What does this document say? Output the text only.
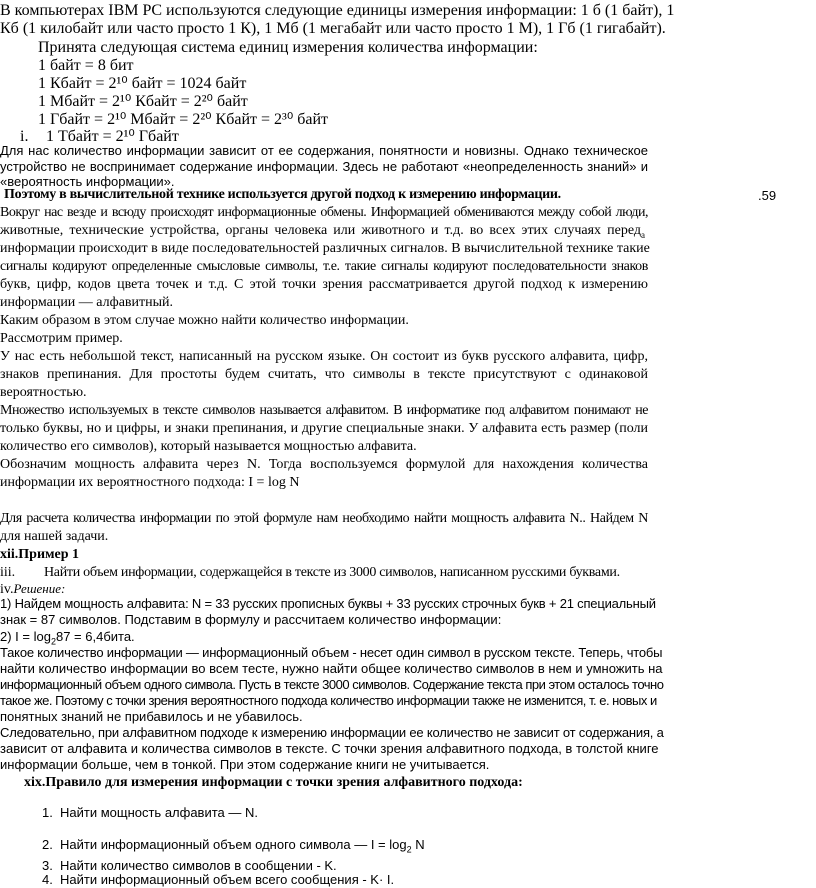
В компьютерах IBM PC используются следующие единицы измерения информации: 1 б (1 байт), 1
Кб (1 килобайт или часто просто 1 К), 1 Мб (1 мегабайт или часто просто 1 М), 1 Гб (1 гигабайт).
Принята следующая система единиц измерения количества информации:
1 байт = 8 бит
1 Кбайт = 2¹⁰ байт = 1024 байт
1 Мбайт = 2¹⁰ Кбайт = 2²⁰ байт
1 Гбайт = 2¹⁰ Мбайт = 2²⁰ Кбайт = 2³⁰ байт
i. 1 Тбайт = 2¹⁰ Гбайт
Для нас количество информации зависит от ее содержания, понятности и новизны. Однако техническое
устройство не воспринимает содержание информации. Здесь не работают «неопределенность знаний» и
«вероятность информации».
Поэтому в вычислительной технике используется другой подход к измерению информации.	.59
Вокруг нас везде и всюду происходят информационные обмены. Информацией обмениваются между собой люди,
животные, технические устройства, органы человека или животного и т.д. во всех этих случаях перед$_а$
информации происходит в виде последовательностей различных сигналов. В вычислительной технике такие
сигналы кодируют определенные смысловые символы, т.е. такие сигналы кодируют последовательности знаков
букв, цифр, кодов цвета точек и т.д. С этой точки зрения рассматривается другой подход к измерению
информации — алфавитный.
Каким образом в этом случае можно найти количество информации.
Рассмотрим пример.
У нас есть небольшой текст, написанный на русском языке. Он состоит из букв русского алфавита, цифр,
знаков препинания. Для простоты будем считать, что символы в тексте присутствуют с одинаковой
вероятностью.
Множество используемых в тексте символов называется алфавитом. В информатике под алфавитом понимают не
только буквы, но и цифры, и знаки препинания, и другие специальные знаки. У алфавита есть размер (поли
количество его символов), который называется мощностью алфавита.
Обозначим мощность алфавита через N. Тогда воспользуемся формулой для нахождения количества
информации их вероятностного подхода: I = log N
Для расчета количества информации по этой формуле нам необходимо найти мощность алфавита N.. Найдем N
для нашей задачи.
xii.Пример 1
iii. Найти объем информации, содержащейся в тексте из 3000 символов, написанном русскими буквами.
iv.Решение:
1) Найдем мощность алфавита: N = 33 русских прописных буквы + 33 русских строчных букв + 21 специальный
знак = 87 символов. Подставим в формулу и рассчитаем количество информации:
2) $I = \log_287$ = 6,4бита.
Такое количество информации — информационный объем - несет один символ в русском тексте. Теперь, чтобы
найти количество информации во всем тесте, нужно найти общее количество символов в нем и умножить на
информационный объем одного символа. Пусть в тексте 3000 символов. Содержание текста при этом осталось точно
такое же. Поэтому с точки зрения вероятностного подхода количество информации также не изменится, т. е. новых и
понятных знаний не прибавилось и не убавилось.
Следовательно, при алфавитном подходе к измерению информации ее количество не зависит от содержания, а
зависит от алфавита и количества символов в тексте. С точки зрения алфавитного подхода, в толстой книге
информации больше, чем в тонкой. При этом содержание книги не учитывается.
xix.Правило для измерения информации с точки зрения алфавитного подхода:
1. Найти мощность алфавита — N.
2. Найти информационный объем одного символа — $I = \log_2 N$
3. Найти количество символов в сообщении - K.
4. Найти информационный объем всего сообщения - K· I.
